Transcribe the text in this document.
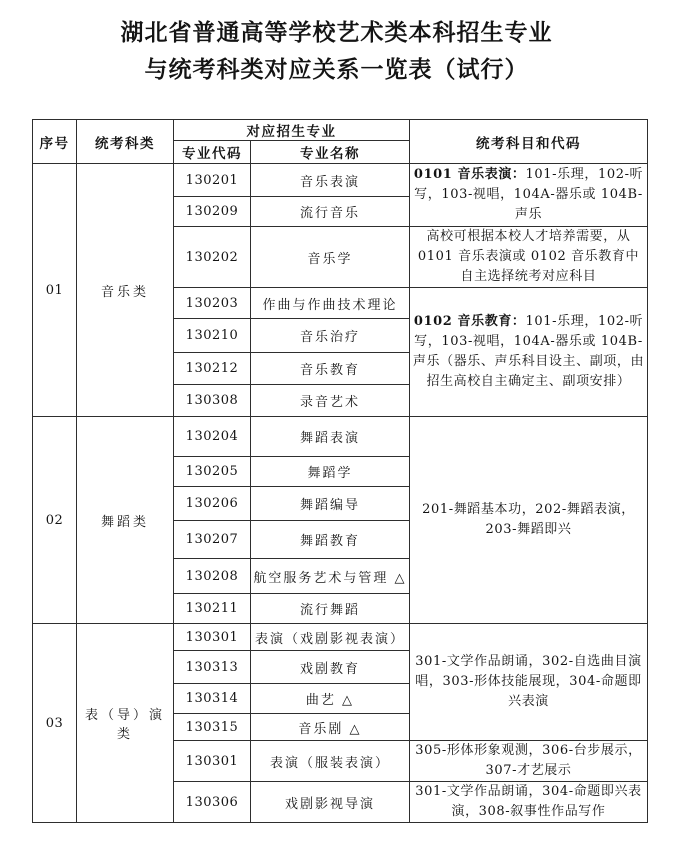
湖北省普通高等学校艺术类本科招生专业
与统考科类对应关系一览表（试行）
序号	统考科类	对应招生专业		统考科目和代码
		专业代码	专业名称	
01	音乐类	130201	音乐表演	0101 音乐表演：101-乐理，102-听写，103-视唱，104A-器乐或 104B-声乐
		130209	流行音乐	
		130202	音乐学	高校可根据本校人才培养需要，从 0101 音乐表演或 0102 音乐教育中自主选择统考对应科目
		130203	作曲与作曲技术理论	0102 音乐教育：101-乐理，102-听写，103-视唱，104A-器乐或 104B-声乐（器乐、声乐科目设主、副项，由招生高校自主确定主、副项安排）
		130210	音乐治疗	
		130212	音乐教育	
		130308	录音艺术	
02	舞蹈类	130204	舞蹈表演	201-舞蹈基本功，202-舞蹈表演，203-舞蹈即兴
		130205	舞蹈学	
		130206	舞蹈编导	
		130207	舞蹈教育	
		130208	航空服务艺术与管理 △	
		130211	流行舞蹈	
03	表（导）演类	130301	表演（戏剧影视表演）	301-文学作品朗诵，302-自选曲目演唱，303-形体技能展现，304-命题即兴表演
		130313	戏剧教育	
		130314	曲艺 △	
		130315	音乐剧 △	
		130301	表演（服装表演）	305-形体形象观测，306-台步展示，307-才艺展示
		130306	戏剧影视导演	301-文学作品朗诵，304-命题即兴表演，308-叙事性作品写作
